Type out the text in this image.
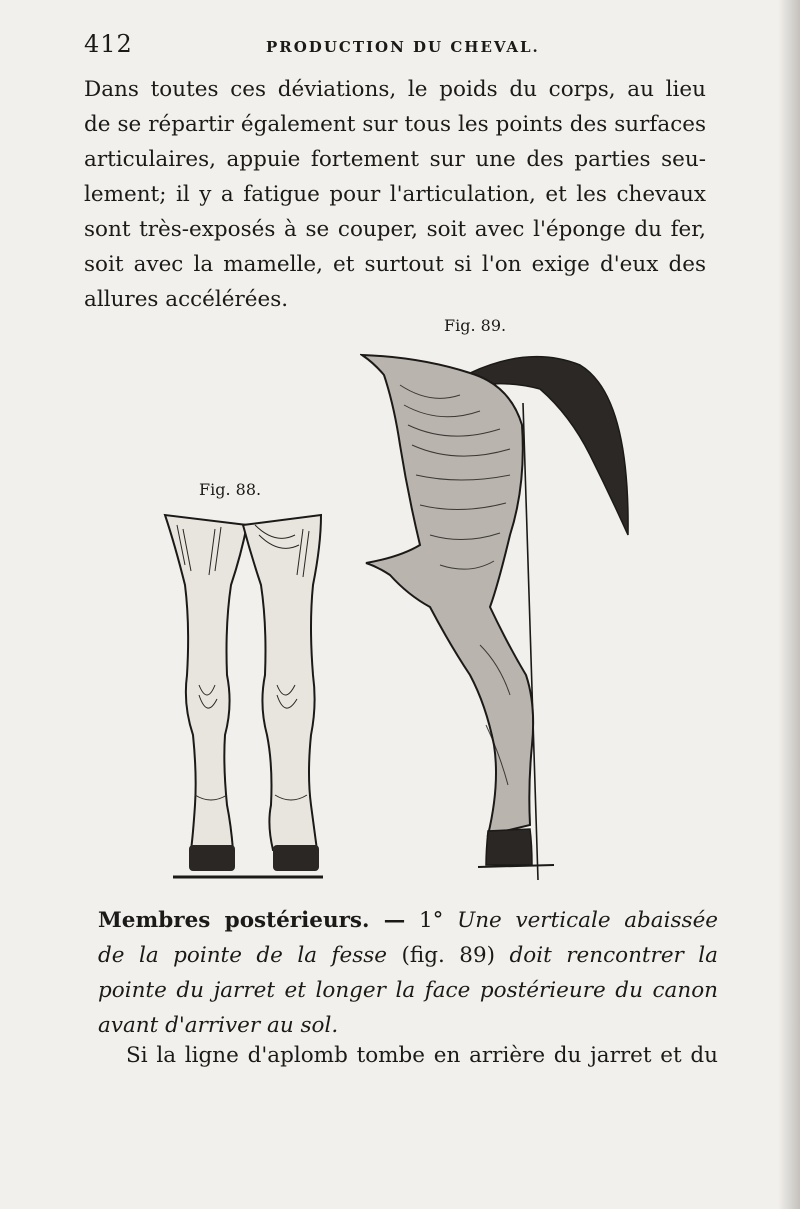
412	PRODUCTION DU CHEVAL.
Dans toutes ces déviations, le poids du corps, au lieu
de se répartir également sur tous les points des surfaces
articulaires, appuie fortement sur une des parties seu-
lement; il y a fatigue pour l'articulation, et les chevaux
sont très-exposés à se couper, soit avec l'éponge du fer,
soit avec la mamelle, et surtout si l'on exige d'eux des
allures accélérées.
Fig. 89.
Fig. 88.
Membres postérieurs. — 1° Une verticale abaissée
de la pointe de la fesse (fig. 89) doit rencontrer la
pointe du jarret et longer la face postérieure du canon
avant d'arriver au sol.
Si la ligne d'aplomb tombe en arrière du jarret et du
